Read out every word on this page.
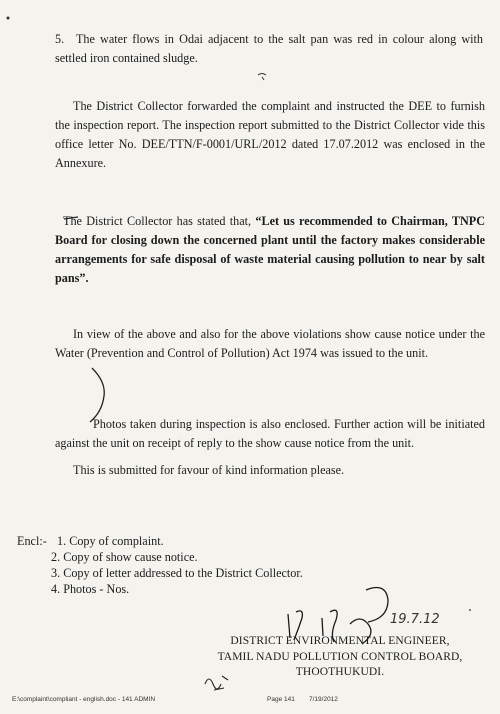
5. The water flows in Odai adjacent to the salt pan was red in colour along with settled iron contained sludge.

The District Collector forwarded the complaint and instructed the DEE to furnish the inspection report. The inspection report submitted to the District Collector vide this office letter No. DEE/TTN/F-0001/URL/2012 dated 17.07.2012 was enclosed in the Annexure.

The District Collector has stated that, “Let us recommended to Chairman, TNPC Board for closing down the concerned plant until the factory makes considerable arrangements for safe disposal of waste material causing pollution to near by salt pans”.

In view of the above and also for the above violations show cause notice under the Water (Prevention and Control of Pollution) Act 1974 was issued to the unit.

Photos taken during inspection is also enclosed. Further action will be initiated against the unit on receipt of reply to the show cause notice from the unit.

This is submitted for favour of kind information please.

Encl:- 1. Copy of complaint.
2. Copy of show cause notice.
3. Copy of letter addressed to the District Collector.
4. Photos - Nos.
19.7.12
DISTRICT ENVIRONMENTAL ENGINEER,
TAMIL NADU POLLUTION CONTROL BOARD,
THOOTHUKUDI.
E:\complaint\compliant - english.doc - 141 ADMIN	Page 141 7/19/2012
